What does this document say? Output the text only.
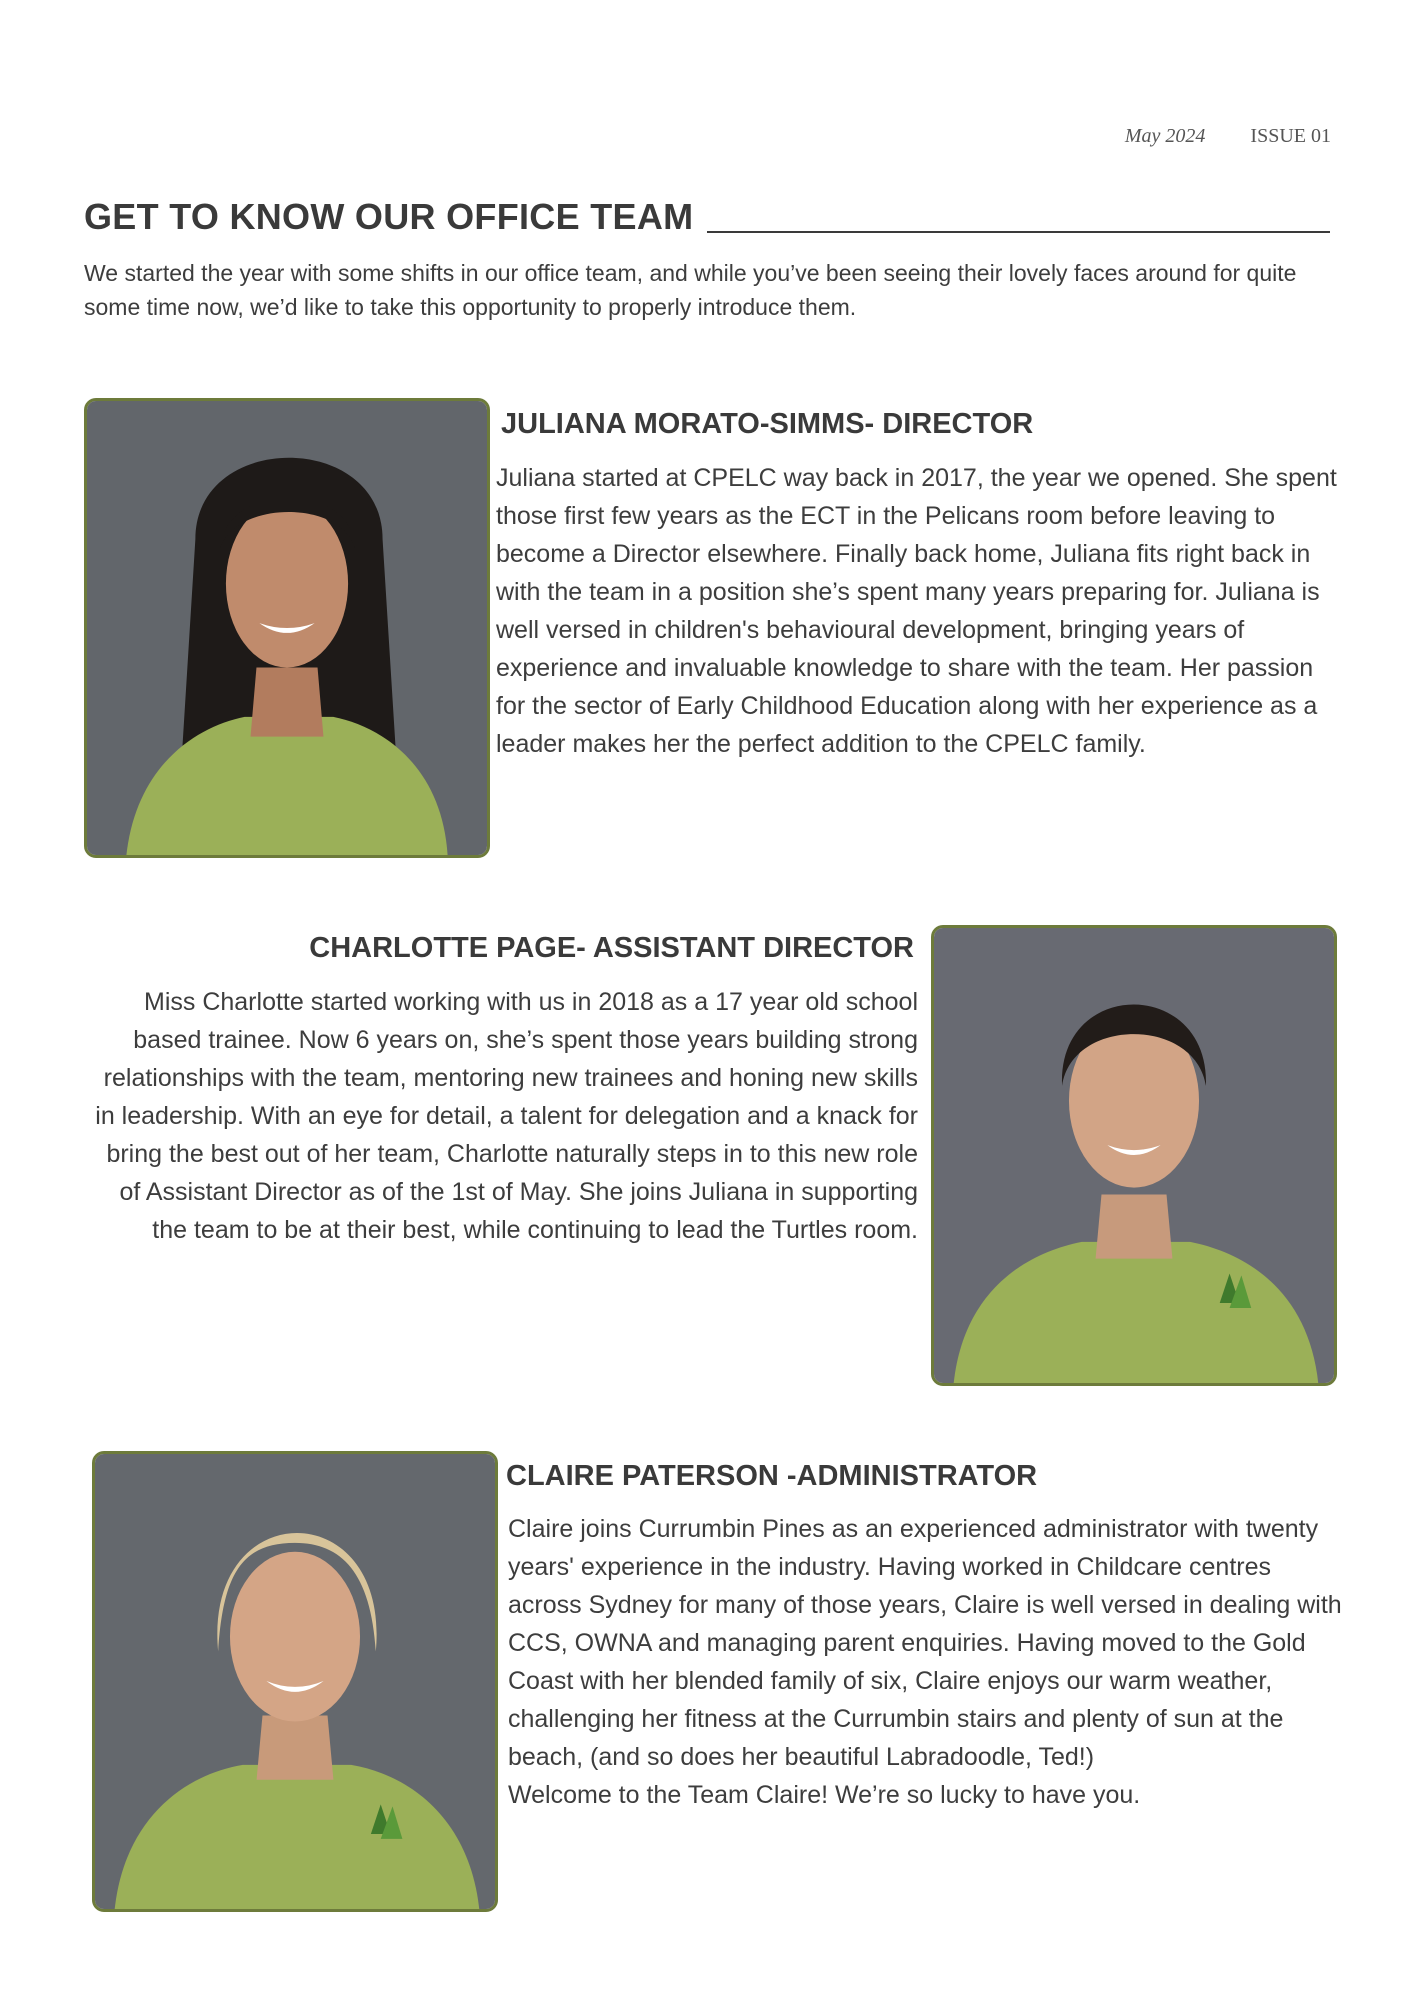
May 2024 ISSUE 01
GET TO KNOW OUR OFFICE TEAM

We started the year with some shifts in our office team, and while you’ve been seeing their lovely faces around for quite some time now, we’d like to take this opportunity to properly introduce them.

JULIANA MORATO-SIMMS- DIRECTOR

Juliana started at CPELC way back in 2017, the year we opened. She spent those first few years as the ECT in the Pelicans room before leaving to become a Director elsewhere. Finally back home, Juliana fits right back in with the team in a position she’s spent many years preparing for. Juliana is well versed in children's behavioural development, bringing years of experience and invaluable knowledge to share with the team. Her passion for the sector of Early Childhood Education along with her experience as a leader makes her the perfect addition to the CPELC family.

CHARLOTTE PAGE- ASSISTANT DIRECTOR

Miss Charlotte started working with us in 2018 as a 17 year old school based trainee. Now 6 years on, she’s spent those years building strong relationships with the team, mentoring new trainees and honing new skills in leadership. With an eye for detail, a talent for delegation and a knack for bring the best out of her team, Charlotte naturally steps in to this new role of Assistant Director as of the 1st of May. She joins Juliana in supporting the team to be at their best, while continuing to lead the Turtles room.

CLAIRE PATERSON -ADMINISTRATOR

Claire joins Currumbin Pines as an experienced administrator with twenty years' experience in the industry. Having worked in Childcare centres across Sydney for many of those years, Claire is well versed in dealing with CCS, OWNA and managing parent enquiries. Having moved to the Gold Coast with her blended family of six, Claire enjoys our warm weather, challenging her fitness at the Currumbin stairs and plenty of sun at the beach, (and so does her beautiful Labradoodle, Ted!)

Welcome to the Team Claire! We’re so lucky to have you.
